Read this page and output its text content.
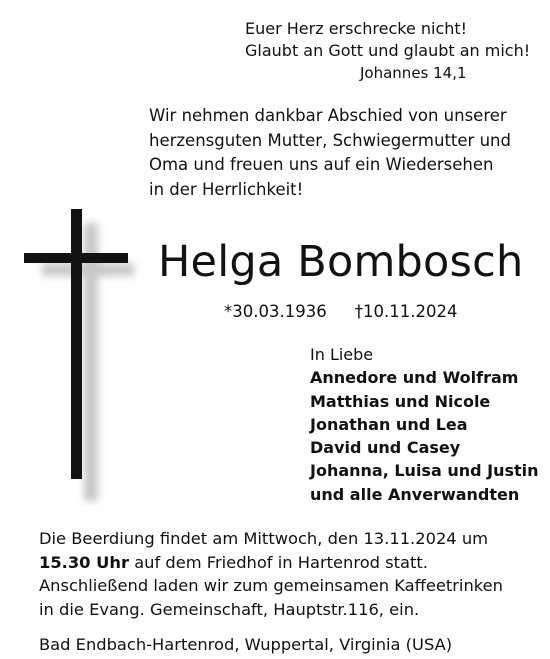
Euer Herz erschrecke nicht!
Glaubt an Gott und glaubt an mich!
Johannes 14,1
Wir nehmen dankbar Abschied von unserer
herzensguten Mutter, Schwiegermutter und
Oma und freuen uns auf ein Wiedersehen
in der Herrlichkeit!
Helga Bombosch
*30.03.1936 †10.11.2024
In Liebe
Annedore und Wolfram
Matthias und Nicole
Jonathan und Lea
David und Casey
Johanna, Luisa und Justin
und alle Anverwandten
Die Beerdiung findet am Mittwoch, den 13.11.2024 um
15.30 Uhr auf dem Friedhof in Hartenrod statt.
Anschließend laden wir zum gemeinsamen Kaffeetrinken
in die Evang. Gemeinschaft, Hauptstr.116, ein.
Bad Endbach-Hartenrod, Wuppertal, Virginia (USA)
